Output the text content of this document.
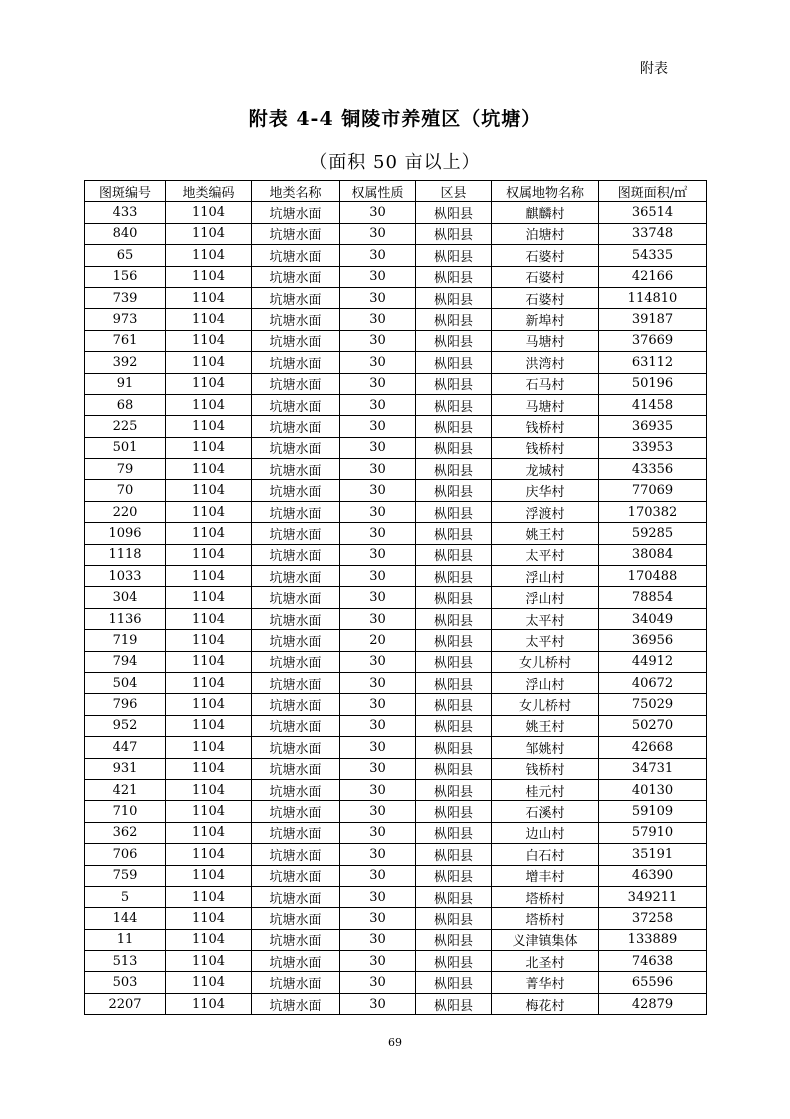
附表
附表 4-4 铜陵市养殖区（坑塘）
（面积 50 亩以上）
图斑编号	地类编码	地类名称	权属性质	区县	权属地物名称	图斑面积/㎡
433	1104	坑塘水面	30	枞阳县	麒麟村	36514
840	1104	坑塘水面	30	枞阳县	泊塘村	33748
65	1104	坑塘水面	30	枞阳县	石婆村	54335
156	1104	坑塘水面	30	枞阳县	石婆村	42166
739	1104	坑塘水面	30	枞阳县	石婆村	114810
973	1104	坑塘水面	30	枞阳县	新埠村	39187
761	1104	坑塘水面	30	枞阳县	马塘村	37669
392	1104	坑塘水面	30	枞阳县	洪湾村	63112
91	1104	坑塘水面	30	枞阳县	石马村	50196
68	1104	坑塘水面	30	枞阳县	马塘村	41458
225	1104	坑塘水面	30	枞阳县	钱桥村	36935
501	1104	坑塘水面	30	枞阳县	钱桥村	33953
79	1104	坑塘水面	30	枞阳县	龙城村	43356
70	1104	坑塘水面	30	枞阳县	庆华村	77069
220	1104	坑塘水面	30	枞阳县	浮渡村	170382
1096	1104	坑塘水面	30	枞阳县	姚王村	59285
1118	1104	坑塘水面	30	枞阳县	太平村	38084
1033	1104	坑塘水面	30	枞阳县	浮山村	170488
304	1104	坑塘水面	30	枞阳县	浮山村	78854
1136	1104	坑塘水面	30	枞阳县	太平村	34049
719	1104	坑塘水面	20	枞阳县	太平村	36956
794	1104	坑塘水面	30	枞阳县	女儿桥村	44912
504	1104	坑塘水面	30	枞阳县	浮山村	40672
796	1104	坑塘水面	30	枞阳县	女儿桥村	75029
952	1104	坑塘水面	30	枞阳县	姚王村	50270
447	1104	坑塘水面	30	枞阳县	邹姚村	42668
931	1104	坑塘水面	30	枞阳县	钱桥村	34731
421	1104	坑塘水面	30	枞阳县	桂元村	40130
710	1104	坑塘水面	30	枞阳县	石溪村	59109
362	1104	坑塘水面	30	枞阳县	边山村	57910
706	1104	坑塘水面	30	枞阳县	白石村	35191
759	1104	坑塘水面	30	枞阳县	增丰村	46390
5	1104	坑塘水面	30	枞阳县	塔桥村	349211
144	1104	坑塘水面	30	枞阳县	塔桥村	37258
11	1104	坑塘水面	30	枞阳县	义津镇集体	133889
513	1104	坑塘水面	30	枞阳县	北圣村	74638
503	1104	坑塘水面	30	枞阳县	菁华村	65596
2207	1104	坑塘水面	30	枞阳县	梅花村	42879
69
